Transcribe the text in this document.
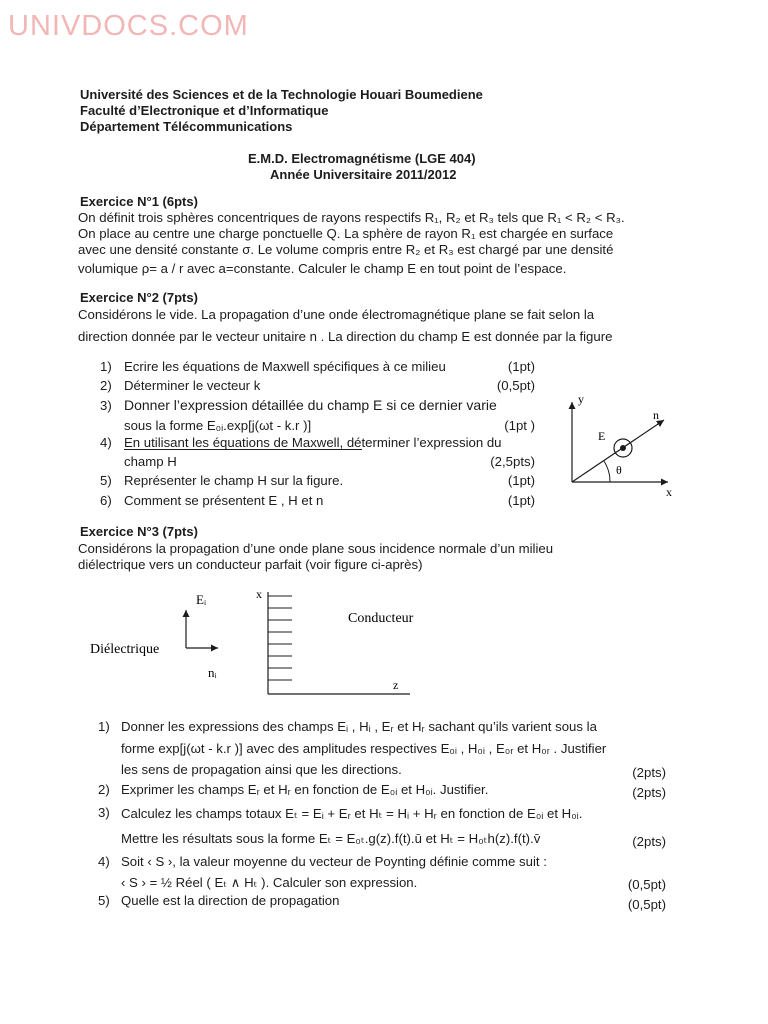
UNIVDOCS.COM
Université des Sciences et de la Technologie Houari Boumediene
Faculté d’Electronique et d’Informatique
Département Télécommunications
E.M.D. Electromagnétisme (LGE 404)
Année Universitaire 2011/2012
Exercice N°1 (6pts)
On définit trois sphères concentriques de rayons respectifs R₁, R₂ et R₃ tels que R₁ < R₂ < R₃.
On place au centre une charge ponctuelle Q. La sphère de rayon R₁ est chargée en surface
avec une densité constante σ. Le volume compris entre R₂ et R₃ est chargé par une densité
volumique ρ= a / r avec a=constante. Calculer le champ E en tout point de l’espace.
Exercice N°2 (7pts)
Considérons le vide. La propagation d’une onde électromagnétique plane se fait selon la
direction donnée par le vecteur unitaire n . La direction du champ E est donnée par la figure
1) Ecrire les équations de Maxwell spécifiques à ce milieu	(1pt)
2) Déterminer le vecteur k	(0,5pt)
3) Donner l’expression détaillée du champ E si ce dernier varie
sous la forme E₀ᵢ.exp[j(ωt - k.r )]	(1pt )
4) En utilisant les équations de Maxwell, déterminer l’expression du
champ H	(2,5pts)
5) Représenter le champ H sur la figure.	(1pt)
6) Comment se présentent E , H et n	(1pt)
y
x
n
E
θ
Exercice N°3 (7pts)
Considérons la propagation d’une onde plane sous incidence normale d’un milieu
diélectrique vers un conducteur parfait (voir figure ci-après)
Eᵢ
nᵢ
Diélectrique
x
z
Conducteur
1) Donner les expressions des champs Eᵢ , Hᵢ , Eᵣ et Hᵣ sachant qu’ils varient sous la
forme exp[j(ωt - k.r )] avec des amplitudes respectives E₀ᵢ , H₀ᵢ , E₀ᵣ et H₀ᵣ . Justifier
les sens de propagation ainsi que les directions.	(2pts)
2) Exprimer les champs Eᵣ et Hᵣ en fonction de E₀ᵢ et H₀ᵢ. Justifier.	(2pts)
3) Calculez les champs totaux Eₜ = Eᵢ + Eᵣ et Hₜ = Hᵢ + Hᵣ en fonction de E₀ᵢ et H₀ᵢ.
Mettre les résultats sous la forme Eₜ = E₀ₜ.g(z).f(t).ū et Hₜ = H₀ₜh(z).f(t).v̄	(2pts)
4) Soit ‹ S ›, la valeur moyenne du vecteur de Poynting définie comme suit :
‹ S › = ½ Réel ( Eₜ ∧ Hₜ ). Calculer son expression.	(0,5pt)
5) Quelle est la direction de propagation	(0,5pt)
